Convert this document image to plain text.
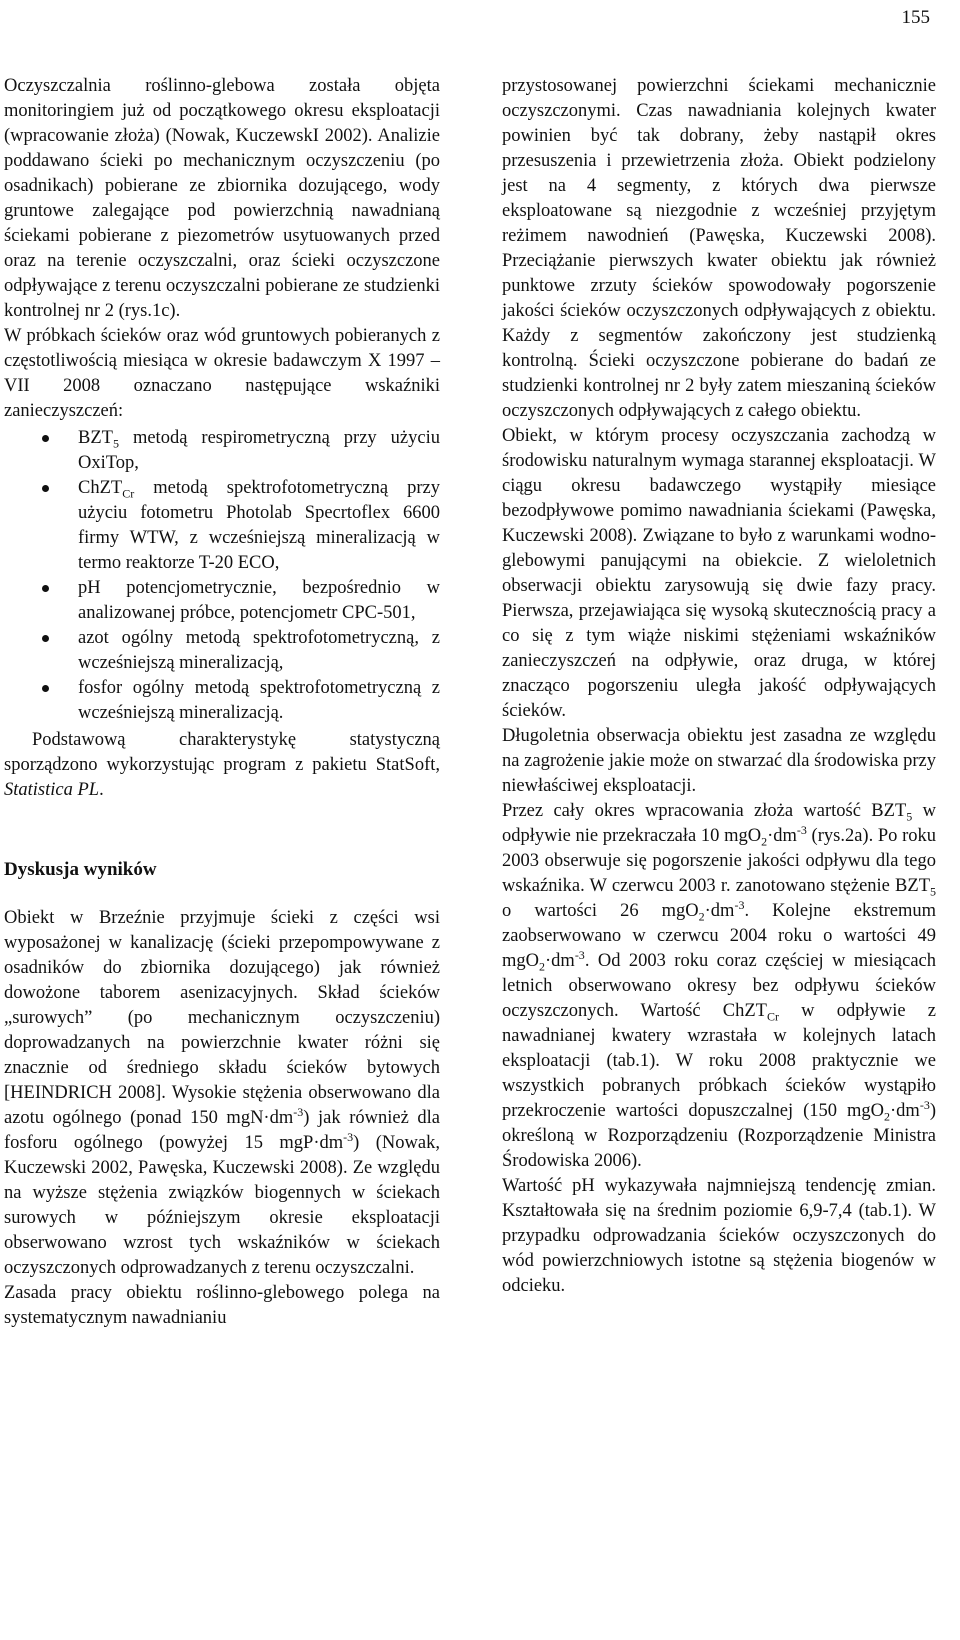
155

Oczyszczalnia roślinno-glebowa została objęta monitoringiem już od początkowego okresu eksploatacji (wpracowanie złoża) (Nowak, KuczewskI 2002). Analizie poddawano ścieki po mechanicznym oczyszczeniu (po osadnikach) pobierane ze zbiornika dozującego, wody gruntowe zalegające pod powierzchnią nawadnianą ściekami pobierane z piezometrów usytuowanych przed oraz na terenie oczyszczalni, oraz ścieki oczyszczone odpływające z terenu oczyszczalni pobierane ze studzienki kontrolnej nr 2 (rys.1c).

W próbkach ścieków oraz wód gruntowych pobieranych z częstotliwością miesiąca w okresie badawczym X 1997 – VII 2008 oznaczano następujące wskaźniki zanieczyszczeń:

$BZT_5$ metodą respirometryczną przy użyciu OxiTop,
ChZT$_{Cr}$ metodą spektrofotometryczną przy użyciu fotometru Photolab Specrtoflex 6600 firmy WTW, z wcześniejszą mineralizacją w termo reaktorze T-20 ECO,
pH potencjometrycznie, bezpośrednio w analizowanej próbce, potencjometr CPC-501,
azot ogólny metodą spektrofotometryczną, z wcześniejszą mineralizacją,
fosfor ogólny metodą spektrofotometryczną z wcześniejszą mineralizacją.

Podstawową charakterystykę statystyczną sporządzono wykorzystując program z pakietu StatSoft, Statistica PL.

Dyskusja wyników

Obiekt w Brzeźnie przyjmuje ścieki z części wsi wyposażonej w kanalizację (ścieki przepompowywane z osadników do zbiornika dozującego) jak również dowożone taborem asenizacyjnych. Skład ścieków „surowych” (po mechanicznym oczyszczeniu) doprowadzanych na powierzchnie kwater różni się znacznie od średniego składu ścieków bytowych [HEINDRICH 2008]. Wysokie stężenia obserwowano dla azotu ogólnego (ponad 150 $mgN\cdot dm^{-3}$) jak również dla fosforu ogólnego (powyżej 15 $mgP\cdot dm^{-3}$) (Nowak, Kuczewski 2002, Pawęska, Kuczewski 2008). Ze względu na wyższe stężenia związków biogennych w ściekach surowych w późniejszym okresie eksploatacji obserwowano wzrost tych wskaźników w ściekach oczyszczonych odprowadzanych z terenu oczyszczalni.

Zasada pracy obiektu roślinno-glebowego polega na systematycznym nawadnianiu

przystosowanej powierzchni ściekami mechanicznie oczyszczonymi. Czas nawadniania kolejnych kwater powinien być tak dobrany, żeby nastąpił okres przesuszenia i przewietrzenia złoża. Obiekt podzielony jest na 4 segmenty, z których dwa pierwsze eksploatowane są niezgodnie z wcześniej przyjętym reżimem nawodnień (Pawęska, Kuczewski 2008). Przeciążanie pierwszych kwater obiektu jak również punktowe zrzuty ścieków spowodowały pogorszenie jakości ścieków oczyszczonych odpływających z obiektu. Każdy z segmentów zakończony jest studzienką kontrolną. Ścieki oczyszczone pobierane do badań ze studzienki kontrolnej nr 2 były zatem mieszaniną ścieków oczyszczonych odpływających z całego obiektu.

Obiekt, w którym procesy oczyszczania zachodzą w środowisku naturalnym wymaga starannej eksploatacji. W ciągu okresu badawczego wystąpiły miesiące bezodpływowe pomimo nawadniania ściekami (Pawęska, Kuczewski 2008). Związane to było z warunkami wodno-glebowymi panującymi na obiekcie. Z wieloletnich obserwacji obiektu zarysowują się dwie fazy pracy. Pierwsza, przejawiająca się wysoką skutecznością pracy a co się z tym wiąże niskimi stężeniami wskaźników zanieczyszczeń na odpływie, oraz druga, w której znacząco pogorszeniu uległa jakość odpływających ścieków.

Długoletnia obserwacja obiektu jest zasadna ze względu na zagrożenie jakie może on stwarzać dla środowiska przy niewłaściwej eksploatacji.

Przez cały okres wpracowania złoża wartość $BZT_5$ w odpływie nie przekraczała 10 $mgO_2\cdot dm^{-3}$ (rys.2a). Po roku 2003 obserwuje się pogorszenie jakości odpływu dla tego wskaźnika. W czerwcu 2003 r. zanotowano stężenie $BZT_5$ o wartości 26 $mgO_2\cdot dm^{-3}$. Kolejne ekstremum zaobserwowano w czerwcu 2004 roku o wartości 49 $mgO_2\cdot dm^{-3}$. Od 2003 roku coraz częściej w miesiącach letnich obserwowano okresy bez odpływu ścieków oczyszczonych. Wartość ChZT$_{Cr}$ w odpływie z nawadnianej kwatery wzrastała w kolejnych latach eksploatacji (tab.1). W roku 2008 praktycznie we wszystkich pobranych próbkach ścieków wystąpiło przekroczenie wartości dopuszczalnej (150 $mgO_2\cdot dm^{-3}$) określoną w Rozporządzeniu (Rozporządzenie Ministra Środowiska 2006).

Wartość pH wykazywała najmniejszą tendencję zmian. Kształtowała się na średnim poziomie 6,9-7,4 (tab.1). W przypadku odprowadzania ścieków oczyszczonych do wód powierzchniowych istotne są stężenia biogenów w odcieku.
